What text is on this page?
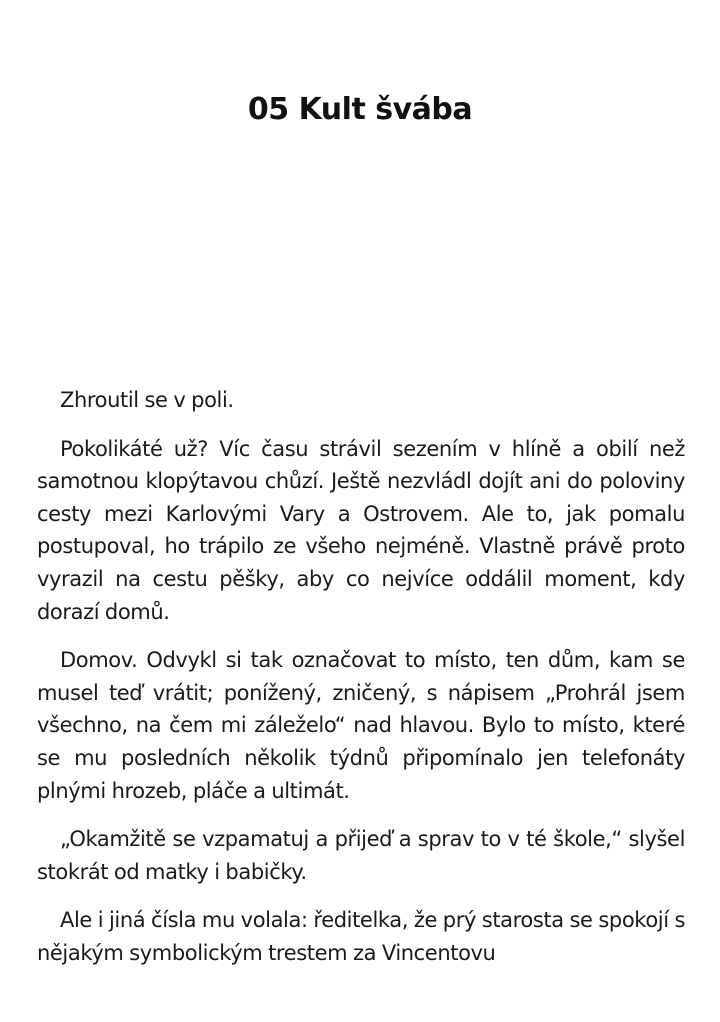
05 Kult švába

Zhroutil se v poli.

Pokolikáté už? Víc času strávil sezením v hlíně a obilí než samotnou klopýtavou chůzí. Ještě nezvládl dojít ani do poloviny cesty mezi Karlovými Vary a Ostrovem. Ale to, jak pomalu postupoval, ho trápilo ze všeho nejméně. Vlastně právě proto vyrazil na cestu pěšky, aby co nejvíce oddálil moment, kdy dorazí domů.

Domov. Odvykl si tak označovat to místo, ten dům, kam se musel teď vrátit; ponížený, zničený, s nápisem „Prohrál jsem všechno, na čem mi záleželo“ nad hlavou. Bylo to místo, které se mu posledních několik týdnů připomínalo jen telefonáty plnými hrozeb, pláče a ultimát.

„Okamžitě se vzpamatuj a přijeď a sprav to v té škole,“ slyšel stokrát od matky i babičky.

Ale i jiná čísla mu volala: ředitelka, že prý starosta se spokojí s nějakým symbolickým trestem za Vincentovu
